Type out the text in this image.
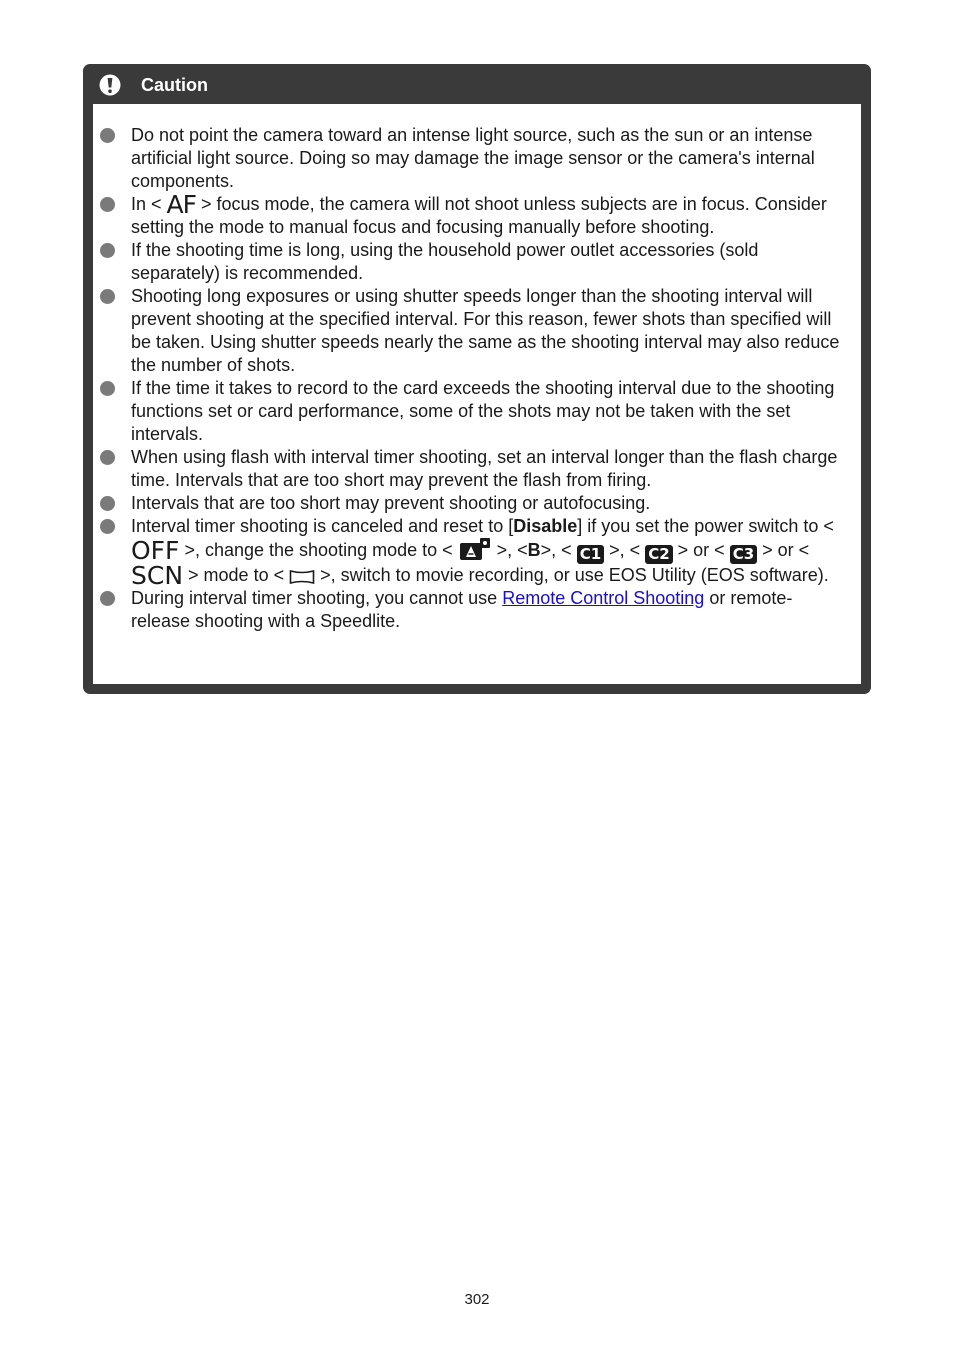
Caution
Do not point the camera toward an intense light source, such as the sun or an intense artificial light source. Doing so may damage the image sensor or the camera's internal components.
In < AF > focus mode, the camera will not shoot unless subjects are in focus. Consider setting the mode to manual focus and focusing manually before shooting.
If the shooting time is long, using the household power outlet accessories (sold separately) is recommended.
Shooting long exposures or using shutter speeds longer than the shooting interval will prevent shooting at the specified interval. For this reason, fewer shots than specified will be taken. Using shutter speeds nearly the same as the shooting interval may also reduce the number of shots.
If the time it takes to record to the card exceeds the shooting interval due to the shooting functions set or card performance, some of the shots may not be taken with the set intervals.
When using flash with interval timer shooting, set an interval longer than the flash charge time. Intervals that are too short may prevent the flash from firing.
Intervals that are too short may prevent shooting or autofocusing.
Interval timer shooting is canceled and reset to [Disable] if you set the power switch to < OFF >, change the shooting mode to <  >, <B>, < C1 >, < C2 > or < C3 > or < SCN > mode to <  >, switch to movie recording, or use EOS Utility (EOS software).
During interval timer shooting, you cannot use Remote Control Shooting or remote-release shooting with a Speedlite.
302
